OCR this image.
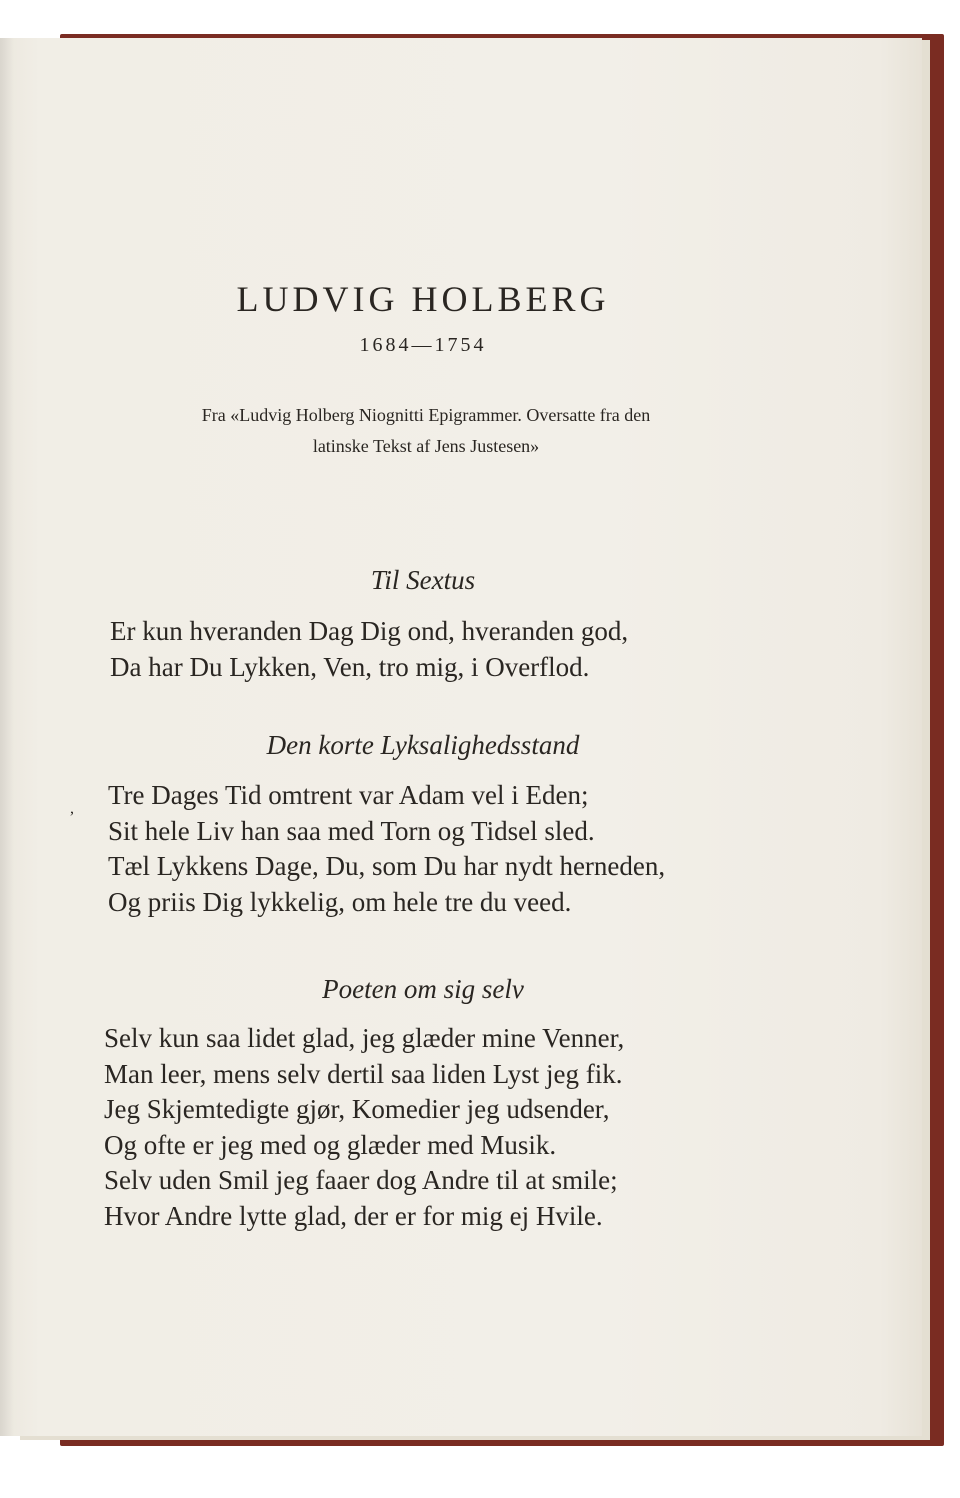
LUDVIG HOLBERG
1684—1754
Fra «Ludvig Holberg Niognitti Epigrammer. Oversatte fra den
latinske Tekst af Jens Justesen»
Til Sextus
Er kun hveranden Dag Dig ond, hveranden god,
Da har Du Lykken, Ven, tro mig, i Overflod.
Den korte Lyksalighedsstand
, Tre Dages Tid omtrent var Adam vel i Eden;
Sit hele Liv han saa med Torn og Tidsel sled.
Tæl Lykkens Dage, Du, som Du har nydt herneden,
Og priis Dig lykkelig, om hele tre du veed.
Poeten om sig selv
Selv kun saa lidet glad, jeg glæder mine Venner,
Man leer, mens selv dertil saa liden Lyst jeg fik.
Jeg Skjemtedigte gjør, Komedier jeg udsender,
Og ofte er jeg med og glæder med Musik.
Selv uden Smil jeg faaer dog Andre til at smile;
Hvor Andre lytte glad, der er for mig ej Hvile.
